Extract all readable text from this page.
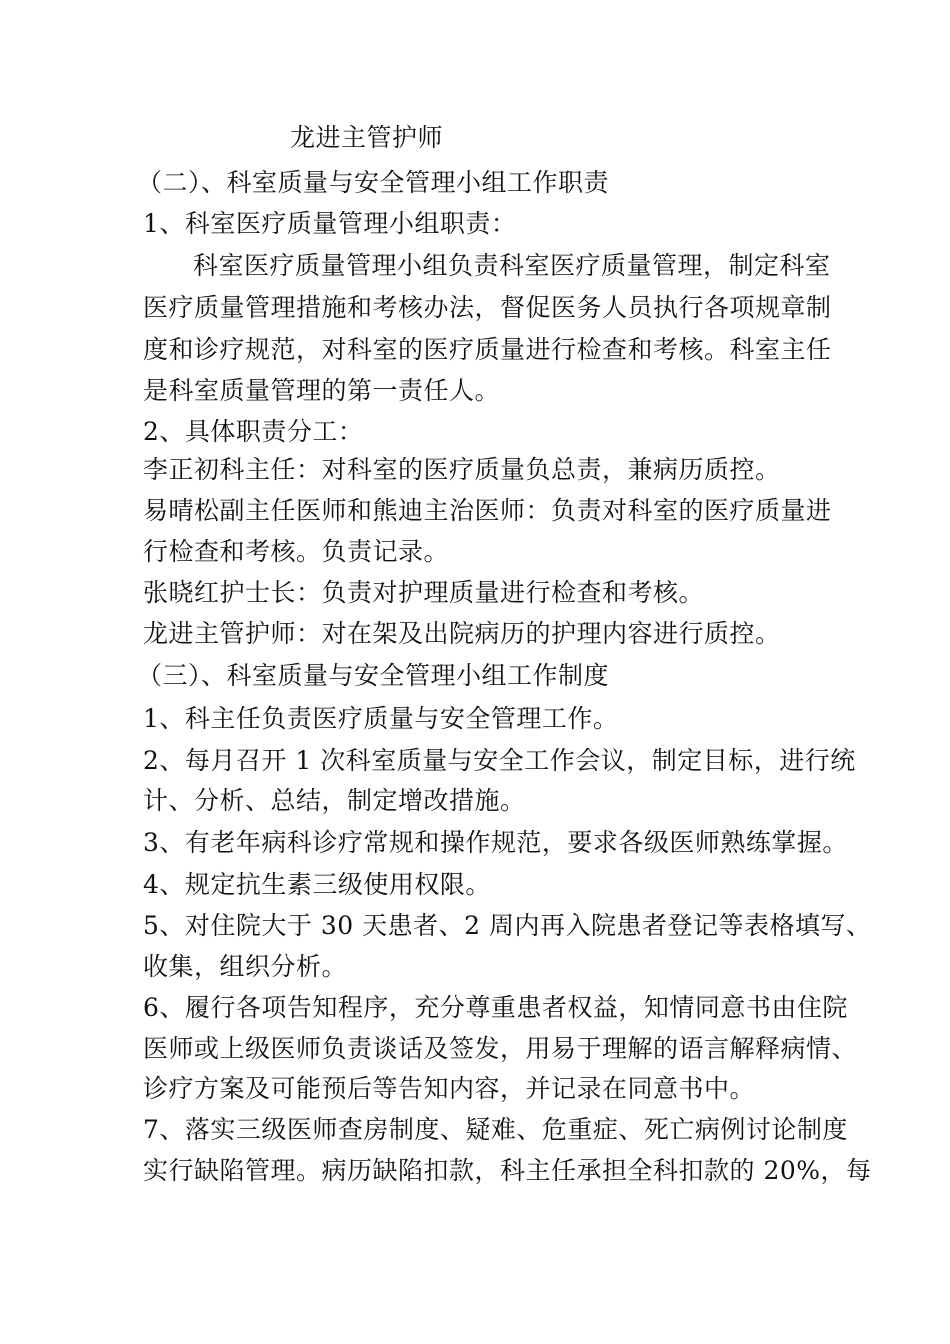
龙进主管护师
（二）、科室质量与安全管理小组工作职责
1、科室医疗质量管理小组职责：
科室医疗质量管理小组负责科室医疗质量管理，制定科室
医疗质量管理措施和考核办法，督促医务人员执行各项规章制
度和诊疗规范，对科室的医疗质量进行检查和考核。科室主任
是科室质量管理的第一责任人。
2、具体职责分工：
李正初科主任：对科室的医疗质量负总责，兼病历质控。
易晴松副主任医师和熊迪主治医师：负责对科室的医疗质量进
行检查和考核。负责记录。
张晓红护士长：负责对护理质量进行检查和考核。
龙进主管护师：对在架及出院病历的护理内容进行质控。
（三）、科室质量与安全管理小组工作制度
1、科主任负责医疗质量与安全管理工作。
2、每月召开 1 次科室质量与安全工作会议，制定目标，进行统
计、分析、总结，制定增改措施。
3、有老年病科诊疗常规和操作规范，要求各级医师熟练掌握。
4、规定抗生素三级使用权限。
5、对住院大于 30 天患者、2 周内再入院患者登记等表格填写、
收集，组织分析。
6、履行各项告知程序，充分尊重患者权益，知情同意书由住院
医师或上级医师负责谈话及签发，用易于理解的语言解释病情、
诊疗方案及可能预后等告知内容，并记录在同意书中。
7、落实三级医师查房制度、疑难、危重症、死亡病例讨论制度
实行缺陷管理。病历缺陷扣款，科主任承担全科扣款的 20%，每
